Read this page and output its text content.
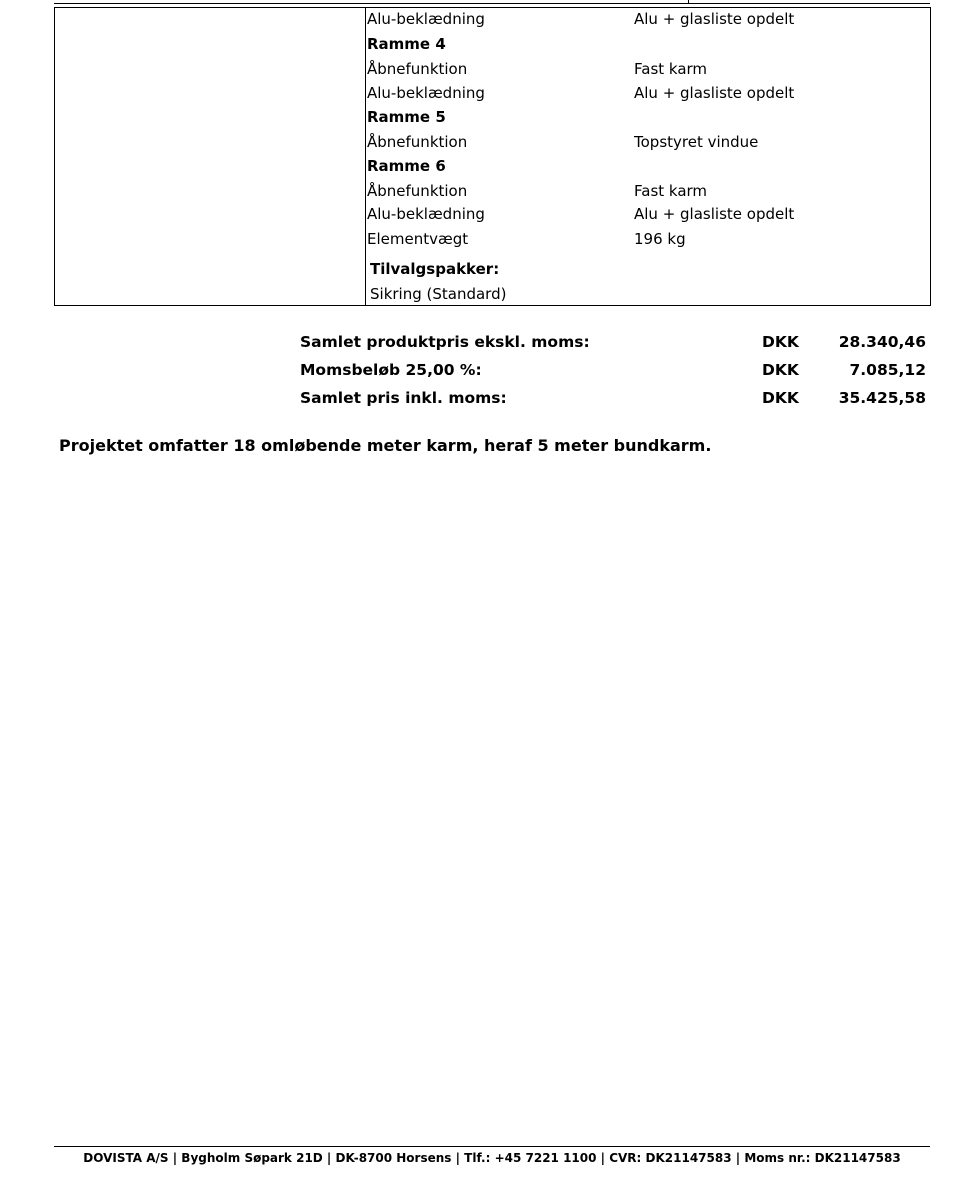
Alu-beklædning	Alu + glasliste opdelt
Ramme 4
Åbnefunktion	Fast karm
Alu-beklædning	Alu + glasliste opdelt
Ramme 5
Åbnefunktion	Topstyret vindue
Ramme 6
Åbnefunktion	Fast karm
Alu-beklædning	Alu + glasliste opdelt
Elementvægt	196 kg
Tilvalgspakker:
Sikring (Standard)
Samlet produktpris ekskl. moms:	DKK	28.340,46
Momsbeløb 25,00 %:	DKK	7.085,12
Samlet pris inkl. moms:	DKK	35.425,58
Projektet omfatter 18 omløbende meter karm, heraf 5 meter bundkarm.
DOVISTA A/S | Bygholm Søpark 21D | DK-8700 Horsens | Tlf.: +45 7221 1100 | CVR: DK21147583 | Moms nr.: DK21147583
